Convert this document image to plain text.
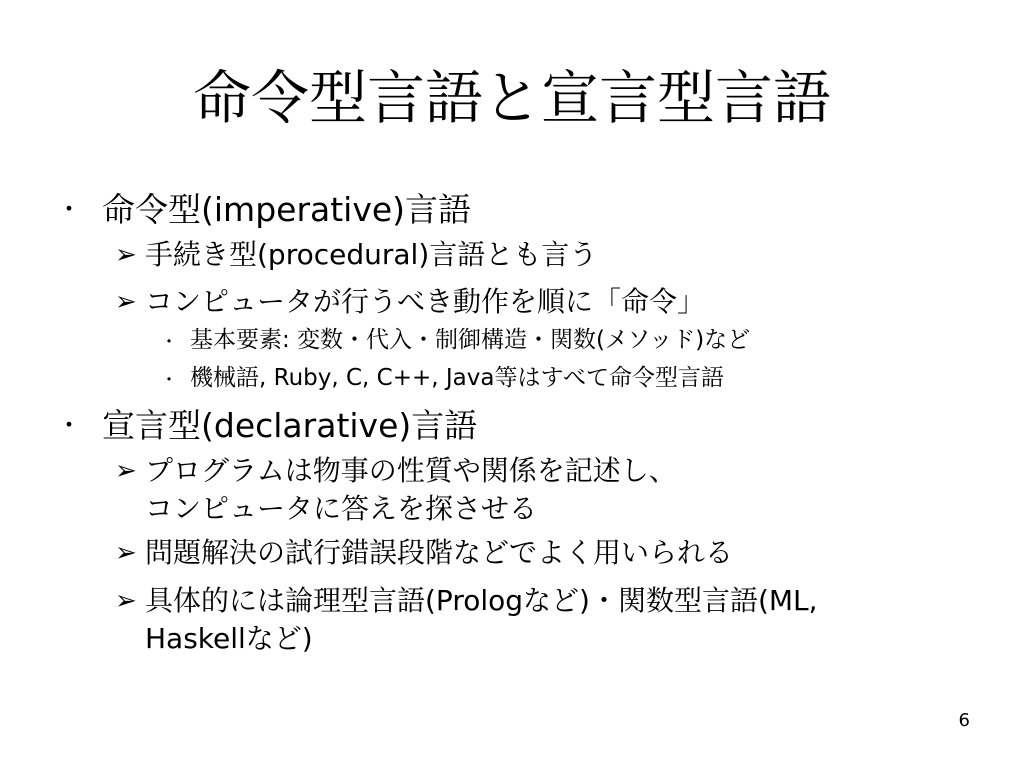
命令型言語と宣言型言語
・ 命令型(imperative)言語
➢ 手続き型(procedural)言語とも言う
➢ コンピュータが行うべき動作を順に「命令」
・ 基本要素: 変数・代入・制御構造・関数(メソッド)など
・ 機械語, Ruby, C, C++, Java等はすべて命令型言語
・ 宣言型(declarative)言語
➢ プログラムは物事の性質や関係を記述し、
コンピュータに答えを探させる
➢ 問題解決の試行錯誤段階などでよく用いられる
➢ 具体的には論理型言語(Prologなど)・関数型言語(ML,
Haskellなど)
6
